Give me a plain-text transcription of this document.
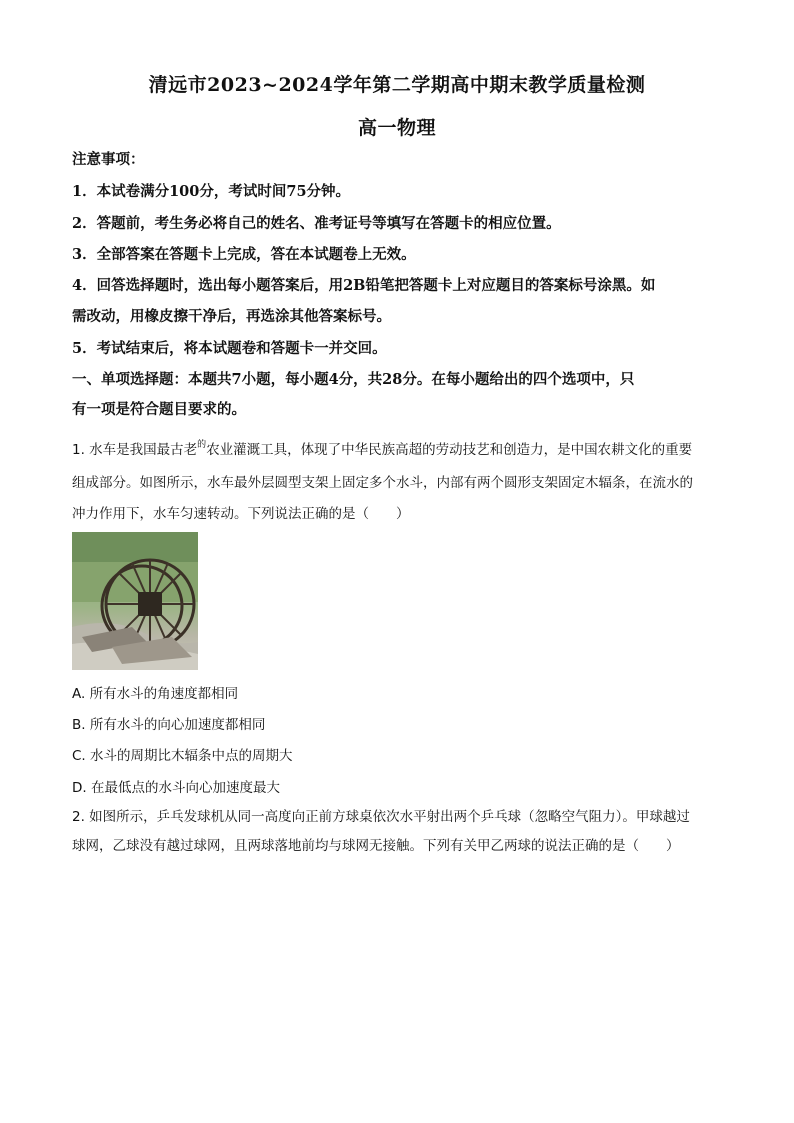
清远市2023~2024学年第二学期高中期末教学质量检测
高一物理
注意事项：
1．本试卷满分100分，考试时间75分钟。
2．答题前，考生务必将自己的姓名、准考证号等填写在答题卡的相应位置。
3．全部答案在答题卡上完成，答在本试题卷上无效。
4．回答选择题时，选出每小题答案后，用2B铅笔把答题卡上对应题目的答案标号涂黑。如
需改动，用橡皮擦干净后，再选涂其他答案标号。
5．考试结束后，将本试题卷和答题卡一并交回。
一、单项选择题：本题共7小题，每小题4分，共28分。在每小题给出的四个选项中，只
有一项是符合题目要求的。
1. 水车是我国最古老$^的$农业灌溉工具，体现了中华民族高超的劳动技艺和创造力，是中国农耕文化的重要
组成部分。如图所示，水车最外层圆型支架上固定多个水斗，内部有两个圆形支架固定木辐条，在流水的
冲力作用下，水车匀速转动。下列说法正确的是（　　）
A. 所有水斗的角速度都相同
B. 所有水斗的向心加速度都相同
C. 水斗的周期比木辐条中点的周期大
D. 在最低点的水斗向心加速度最大
2. 如图所示，乒乓发球机从同一高度向正前方球桌依次水平射出两个乒乓球（忽略空气阻力）。甲球越过
球网，乙球没有越过球网，且两球落地前均与球网无接触。下列有关甲乙两球的说法正确的是（　　）
